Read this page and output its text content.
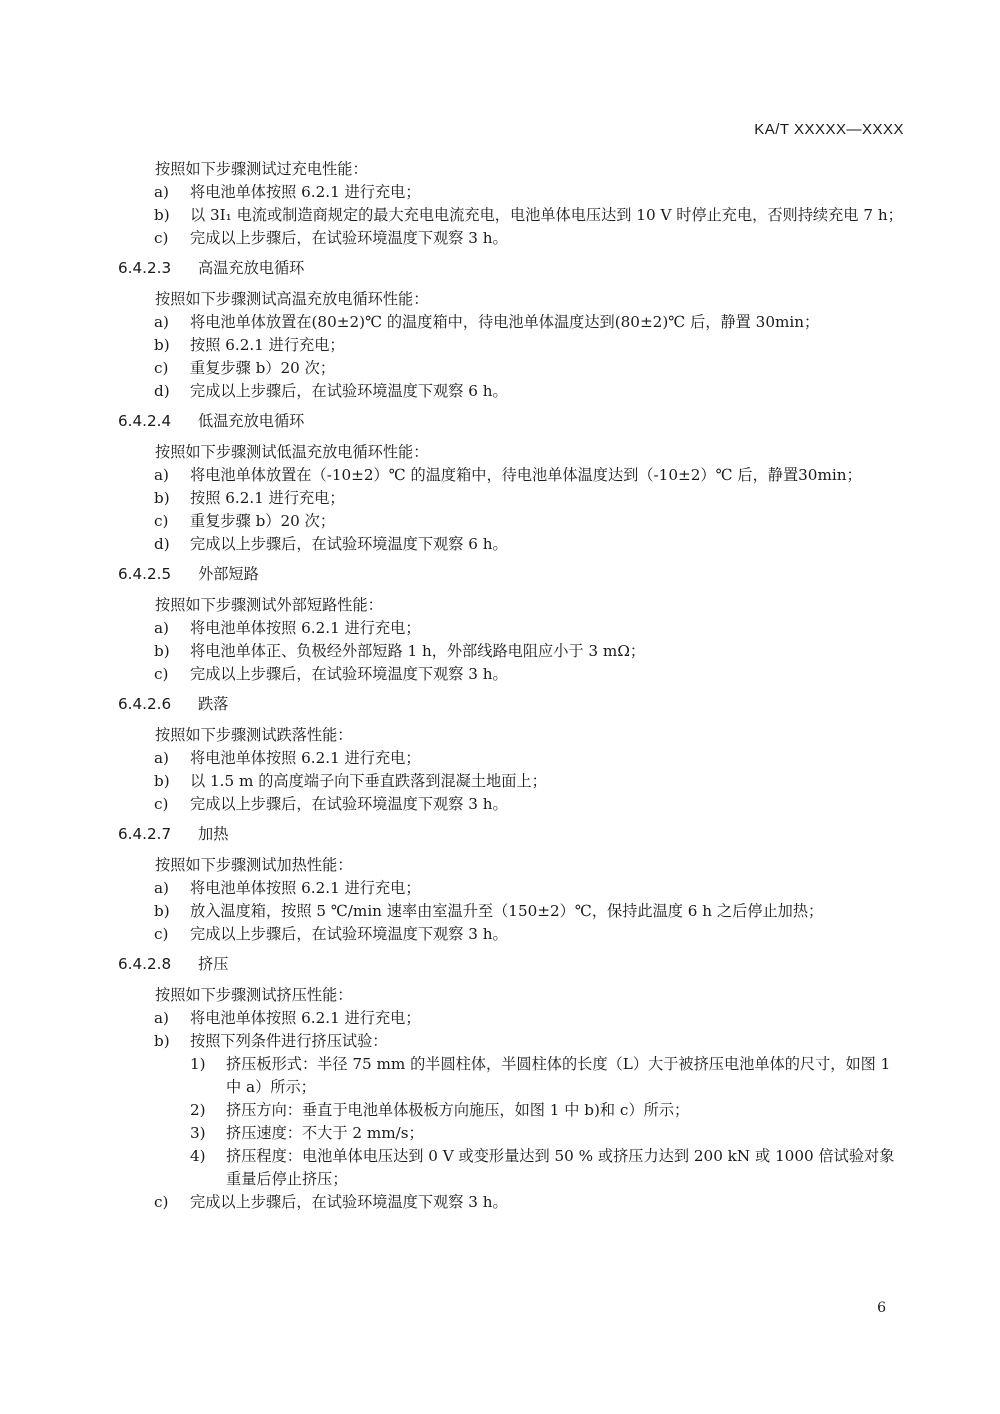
KA/T XXXXX—XXXX
按照如下步骤测试过充电性能：
a)	将电池单体按照 6.2.1 进行充电；
b)	以 3I₁ 电流或制造商规定的最大充电电流充电，电池单体电压达到 10 V 时停止充电，否则持续充电 7 h；
c)	完成以上步骤后，在试验环境温度下观察 3 h。
6.4.2.3 高温充放电循环
按照如下步骤测试高温充放电循环性能：
a)	将电池单体放置在(80±2)℃ 的温度箱中，待电池单体温度达到(80±2)℃ 后，静置 30min；
b)	按照 6.2.1 进行充电；
c)	重复步骤 b）20 次；
d)	完成以上步骤后，在试验环境温度下观察 6 h。
6.4.2.4 低温充放电循环
按照如下步骤测试低温充放电循环性能：
a)	将电池单体放置在（-10±2）℃ 的温度箱中，待电池单体温度达到（-10±2）℃ 后，静置30min；
b)	按照 6.2.1 进行充电；
c)	重复步骤 b）20 次；
d)	完成以上步骤后，在试验环境温度下观察 6 h。
6.4.2.5 外部短路
按照如下步骤测试外部短路性能：
a)	将电池单体按照 6.2.1 进行充电；
b)	将电池单体正、负极经外部短路 1 h，外部线路电阻应小于 3 mΩ；
c)	完成以上步骤后，在试验环境温度下观察 3 h。
6.4.2.6 跌落
按照如下步骤测试跌落性能：
a)	将电池单体按照 6.2.1 进行充电；
b)	以 1.5 m 的高度端子向下垂直跌落到混凝土地面上；
c)	完成以上步骤后，在试验环境温度下观察 3 h。
6.4.2.7 加热
按照如下步骤测试加热性能：
a)	将电池单体按照 6.2.1 进行充电；
b)	放入温度箱，按照 5 ℃/min 速率由室温升至（150±2）℃，保持此温度 6 h 之后停止加热；
c)	完成以上步骤后，在试验环境温度下观察 3 h。
6.4.2.8 挤压
按照如下步骤测试挤压性能：
a)	将电池单体按照 6.2.1 进行充电；
b)	按照下列条件进行挤压试验：
1)	挤压板形式：半径 75 mm 的半圆柱体，半圆柱体的长度（L）大于被挤压电池单体的尺寸，如图 1 中 a）所示；
2)	挤压方向：垂直于电池单体极板方向施压，如图 1 中 b)和 c）所示；
3)	挤压速度：不大于 2 mm/s；
4)	挤压程度：电池单体电压达到 0 V 或变形量达到 50 % 或挤压力达到 200 kN 或 1000 倍试验对象重量后停止挤压；
c)	完成以上步骤后，在试验环境温度下观察 3 h。
6
